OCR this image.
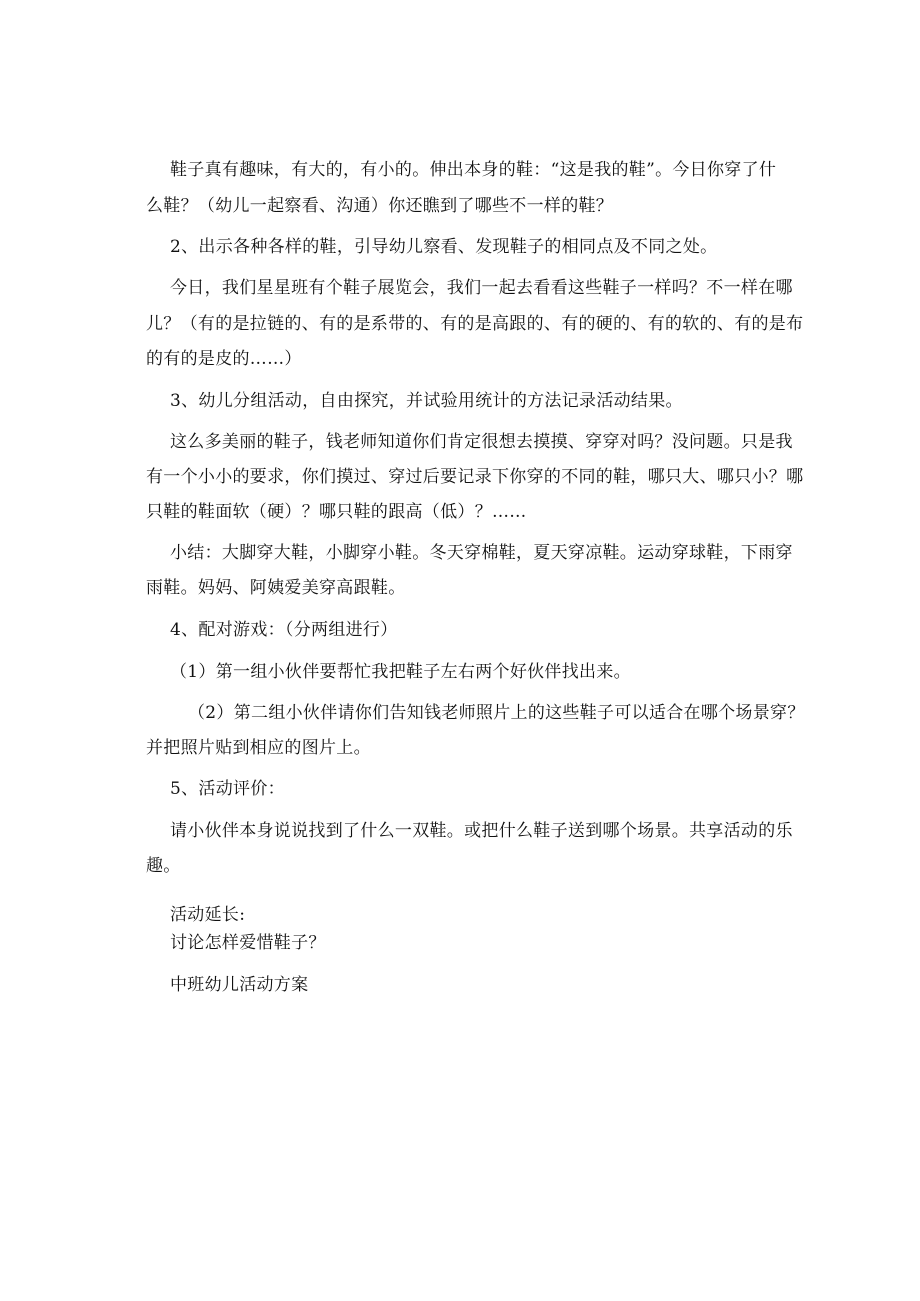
鞋子真有趣味，有大的，有小的。伸出本身的鞋：“这是我的鞋”。今日你穿了什
么鞋？（幼儿一起察看、沟通）你还瞧到了哪些不一样的鞋？
2、出示各种各样的鞋，引导幼儿察看、发现鞋子的相同点及不同之处。
今日，我们星星班有个鞋子展览会，我们一起去看看这些鞋子一样吗？不一样在哪
儿？（有的是拉链的、有的是系带的、有的是高跟的、有的硬的、有的软的、有的是布
的有的是皮的……）
3、幼儿分组活动，自由探究，并试验用统计的方法记录活动结果。
这么多美丽的鞋子，钱老师知道你们肯定很想去摸摸、穿穿对吗？没问题。只是我
有一个小小的要求，你们摸过、穿过后要记录下你穿的不同的鞋，哪只大、哪只小？哪
只鞋的鞋面软（硬）？哪只鞋的跟高（低）？……
小结：大脚穿大鞋，小脚穿小鞋。冬天穿棉鞋，夏天穿凉鞋。运动穿球鞋，下雨穿
雨鞋。妈妈、阿姨爱美穿高跟鞋。
4、配对游戏：（分两组进行）
（1）第一组小伙伴要帮忙我把鞋子左右两个好伙伴找出来。
（2）第二组小伙伴请你们告知钱老师照片上的这些鞋子可以适合在哪个场景穿？
并把照片贴到相应的图片上。
5、活动评价：
请小伙伴本身说说找到了什么一双鞋。或把什么鞋子送到哪个场景。共享活动的乐
趣。
活动延长:
讨论怎样爱惜鞋子？
中班幼儿活动方案
